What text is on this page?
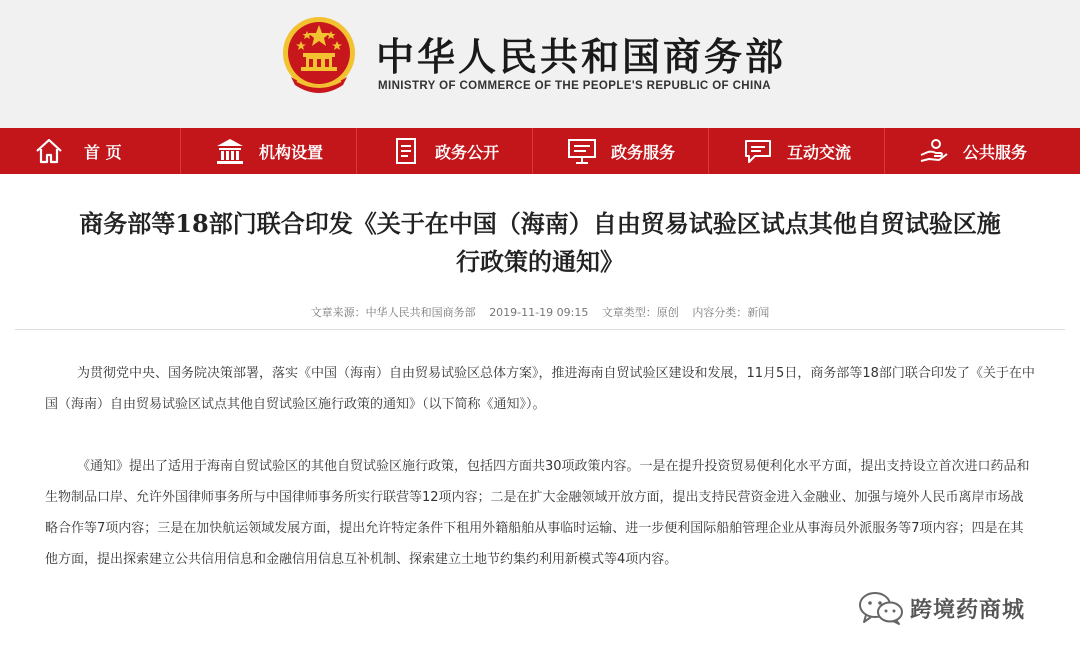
中华人民共和国商务部
MINISTRY OF COMMERCE OF THE PEOPLE'S REPUBLIC OF CHINA
首 页	机构设置	政务公开	政务服务	互动交流	公共服务
商务部等18部门联合印发《关于在中国（海南）自由贸易试验区试点其他自贸试验区施
行政策的通知》
文章来源：中华人民共和国商务部 2019-11-19 09:15 文章类型：原创 内容分类：新闻

为贯彻党中央、国务院决策部署，落实《中国（海南）自由贸易试验区总体方案》，推进海南自贸试验区建设和发展，11月5日，商务部等18部门联合印发了《关于在中国（海南）自由贸易试验区试点其他自贸试验区施行政策的通知》（以下简称《通知》）。

《通知》提出了适用于海南自贸试验区的其他自贸试验区施行政策，包括四方面共30项政策内容。一是在提升投资贸易便利化水平方面，提出支持设立首次进口药品和生物制品口岸、允许外国律师事务所与中国律师事务所实行联营等12项内容；二是在扩大金融领域开放方面，提出支持民营资金进入金融业、加强与境外人民币离岸市场战略合作等7项内容；三是在加快航运领域发展方面，提出允许特定条件下租用外籍船舶从事临时运输、进一步便利国际船舶管理企业从事海员外派服务等7项内容；四是在其他方面，提出探索建立公共信用信息和金融信用信息互补机制、探索建立土地节约集约利用新模式等4项内容。

跨境药商城
